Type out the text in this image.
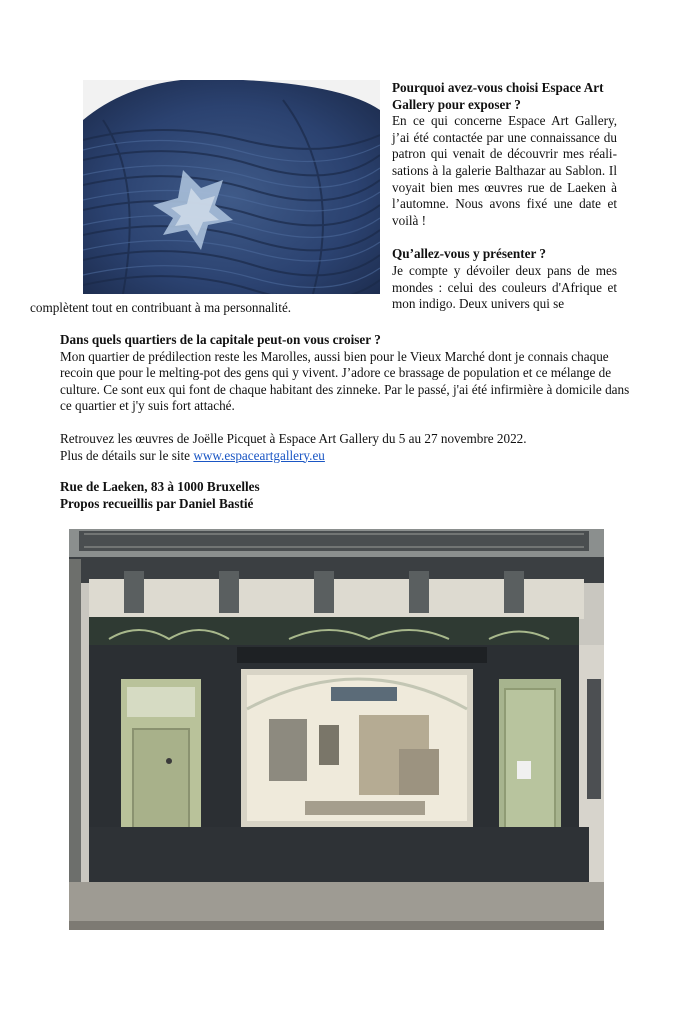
Pourquoi avez-vous choisi Espace Art Gallery pour exposer ?

En ce qui concerne Espace Art Gallery, j’ai été contactée par une connaissance du patron qui venait de découvrir mes réali-sations à la galerie Balthazar au Sablon. Il voyait bien mes œuvres rue de Laeken à l’automne. Nous avons fixé une date et voilà !

Qu’allez-vous y présenter ?

Je compte y dévoiler deux pans de mes mondes : celui des couleurs d'Afrique et mon indigo. Deux univers qui se

complètent tout en contribuant à ma personnalité.
Dans quels quartiers de la capitale peut-on vous croiser ?

Mon quartier de prédilection reste les Marolles, aussi bien pour le Vieux Marché dont je connais chaque recoin que pour le melting-pot des gens qui y vivent. J’adore ce brassage de population et ce mélange de culture. Ce sont eux qui font de chaque habitant des zinneke. Par le passé, j'ai été infirmière à domicile dans ce quartier et j'y suis fort attaché.

Retrouvez les œuvres de Joëlle Picquet à Espace Art Gallery du 5 au 27 novembre 2022.

Plus de détails sur le site www.espaceartgallery.eu

Rue de Laeken, 83 à 1000 Bruxelles
Propos recueillis par Daniel Bastié
